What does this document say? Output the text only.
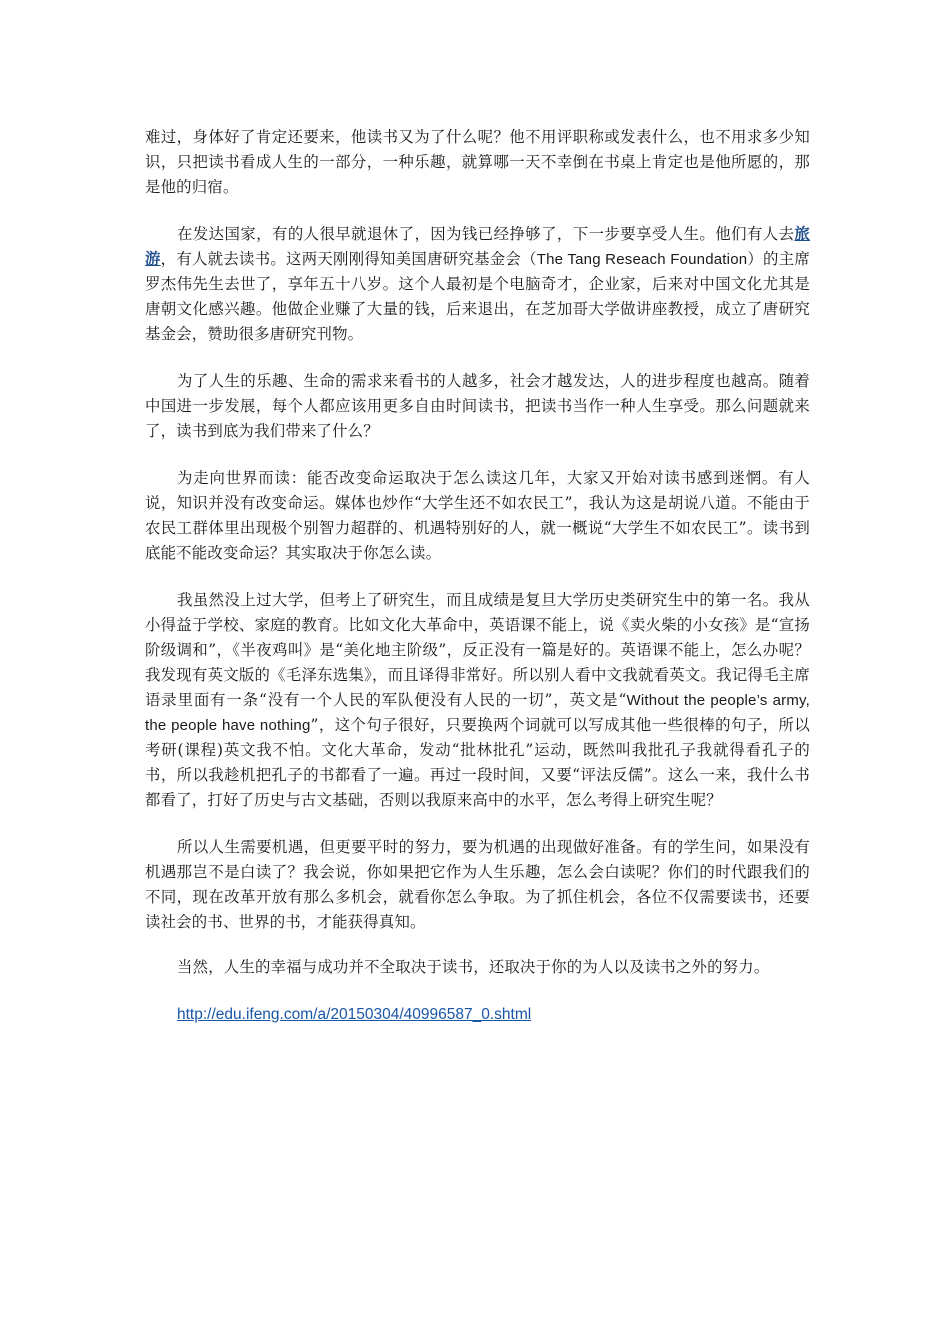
难过，身体好了肯定还要来，他读书又为了什么呢？他不用评职称或发表什么，也不用求多少知识，只把读书看成人生的一部分，一种乐趣，就算哪一天不幸倒在书桌上肯定也是他所愿的，那是他的归宿。

在发达国家，有的人很早就退休了，因为钱已经挣够了，下一步要享受人生。他们有人去旅游，有人就去读书。这两天刚刚得知美国唐研究基金会（The Tang Reseach Foundation）的主席罗杰伟先生去世了，享年五十八岁。这个人最初是个电脑奇才，企业家，后来对中国文化尤其是唐朝文化感兴趣。他做企业赚了大量的钱，后来退出，在芝加哥大学做讲座教授，成立了唐研究基金会，赞助很多唐研究刊物。

为了人生的乐趣、生命的需求来看书的人越多，社会才越发达，人的进步程度也越高。随着中国进一步发展，每个人都应该用更多自由时间读书，把读书当作一种人生享受。那么问题就来了，读书到底为我们带来了什么？

为走向世界而读：能否改变命运取决于怎么读这几年，大家又开始对读书感到迷惘。有人说，知识并没有改变命运。媒体也炒作“大学生还不如农民工”，我认为这是胡说八道。不能由于农民工群体里出现极个别智力超群的、机遇特别好的人，就一概说“大学生不如农民工”。读书到底能不能改变命运？其实取决于你怎么读。

我虽然没上过大学，但考上了研究生，而且成绩是复旦大学历史类研究生中的第一名。我从小得益于学校、家庭的教育。比如文化大革命中，英语课不能上，说《卖火柴的小女孩》是“宣扬阶级调和”，《半夜鸡叫》是“美化地主阶级”，反正没有一篇是好的。英语课不能上，怎么办呢？我发现有英文版的《毛泽东选集》，而且译得非常好。所以别人看中文我就看英文。我记得毛主席语录里面有一条“没有一个人民的军队便没有人民的一切”，英文是“Without the people’s army, the people have nothing”，这个句子很好，只要换两个词就可以写成其他一些很棒的句子，所以考研(课程)英文我不怕。文化大革命，发动“批林批孔”运动，既然叫我批孔子我就得看孔子的书，所以我趁机把孔子的书都看了一遍。再过一段时间，又要“评法反儒”。这么一来，我什么书都看了，打好了历史与古文基础，否则以我原来高中的水平，怎么考得上研究生呢？

所以人生需要机遇，但更要平时的努力，要为机遇的出现做好准备。有的学生问，如果没有机遇那岂不是白读了？我会说，你如果把它作为人生乐趣，怎么会白读呢？你们的时代跟我们的不同，现在改革开放有那么多机会，就看你怎么争取。为了抓住机会，各位不仅需要读书，还要读社会的书、世界的书，才能获得真知。

当然，人生的幸福与成功并不全取决于读书，还取决于你的为人以及读书之外的努力。

http://edu.ifeng.com/a/20150304/40996587_0.shtml
